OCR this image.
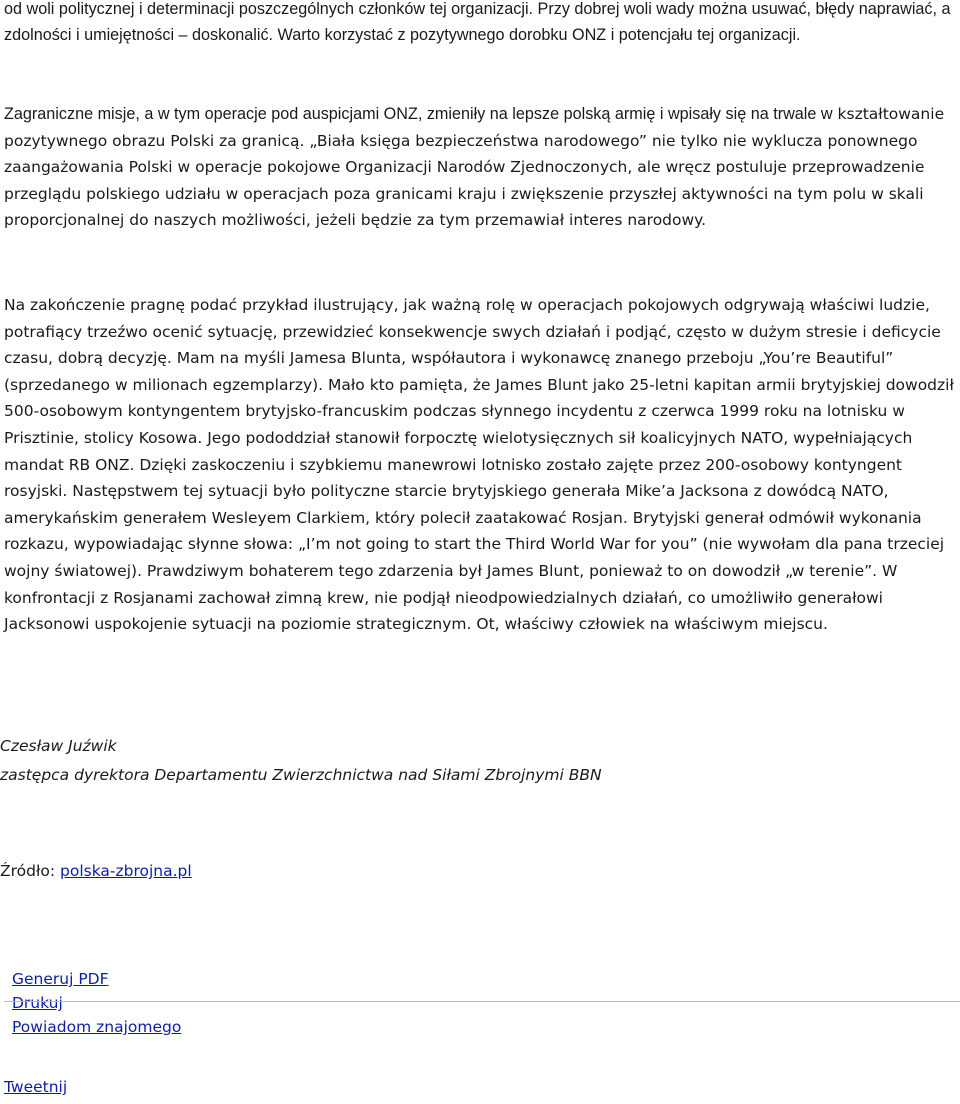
od woli politycznej i determinacji poszczególnych członków tej organizacji. Przy dobrej woli wady można usuwać, błędy naprawiać, a zdolności i umiejętności – doskonalić. Warto korzystać z pozytywnego dorobku ONZ i potencjału tej organizacji.

Zagraniczne misje, a w tym operacje pod auspicjami ONZ, zmieniły na lepsze polską armię i wpisały się na trwale w kształtowanie pozytywnego obrazu Polski za granicą. „Biała księga bezpieczeństwa narodowego” nie tylko nie wyklucza ponownego zaangażowania Polski w operacje pokojowe Organizacji Narodów Zjednoczonych, ale wręcz postuluje przeprowadzenie przeglądu polskiego udziału w operacjach poza granicami kraju i zwiększenie przyszłej aktywności na tym polu w skali proporcjonalnej do naszych możliwości, jeżeli będzie za tym przemawiał interes narodowy.

Na zakończenie pragnę podać przykład ilustrujący, jak ważną rolę w operacjach pokojowych odgrywają właściwi ludzie, potrafiący trzeźwo ocenić sytuację, przewidzieć konsekwencje swych działań i podjąć, często w dużym stresie i deficycie czasu, dobrą decyzję. Mam na myśli Jamesa Blunta, współautora i wykonawcę znanego przeboju „You’re Beautiful” (sprzedanego w milionach egzemplarzy). Mało kto pamięta, że James Blunt jako 25-letni kapitan armii brytyjskiej dowodził 500-osobowym kontyngentem brytyjsko-francuskim podczas słynnego incydentu z czerwca 1999 roku na lotnisku w Prisztinie, stolicy Kosowa. Jego pododdział stanowił forpocztę wielotysięcznych sił koalicyjnych NATO, wypełniających mandat RB ONZ. Dzięki zaskoczeniu i szybkiemu manewrowi lotnisko zostało zajęte przez 200-osobowy kontyngent rosyjski. Następstwem tej sytuacji było polityczne starcie brytyjskiego generała Mike’a Jacksona z dowódcą NATO, amerykańskim generałem Wesleyem Clarkiem, który polecił zaatakować Rosjan. Brytyjski generał odmówił wykonania rozkazu, wypowiadając słynne słowa: „I’m not going to start the Third World War for you” (nie wywołam dla pana trzeciej wojny światowej). Prawdziwym bohaterem tego zdarzenia był James Blunt, ponieważ to on dowodził „w terenie”. W konfrontacji z Rosjanami zachował zimną krew, nie podjął nieodpowiedzialnych działań, co umożliwiło generałowi Jacksonowi uspokojenie sytuacji na poziomie strategicznym. Ot, właściwy człowiek na właściwym miejscu.

Czesław Juźwik
zastępca dyrektora Departamentu Zwierzchnictwa nad Siłami Zbrojnymi BBN
Źródło: polska-zbrojna.pl
Generuj PDF
Drukuj
Powiadom znajomego
Tweetnij
